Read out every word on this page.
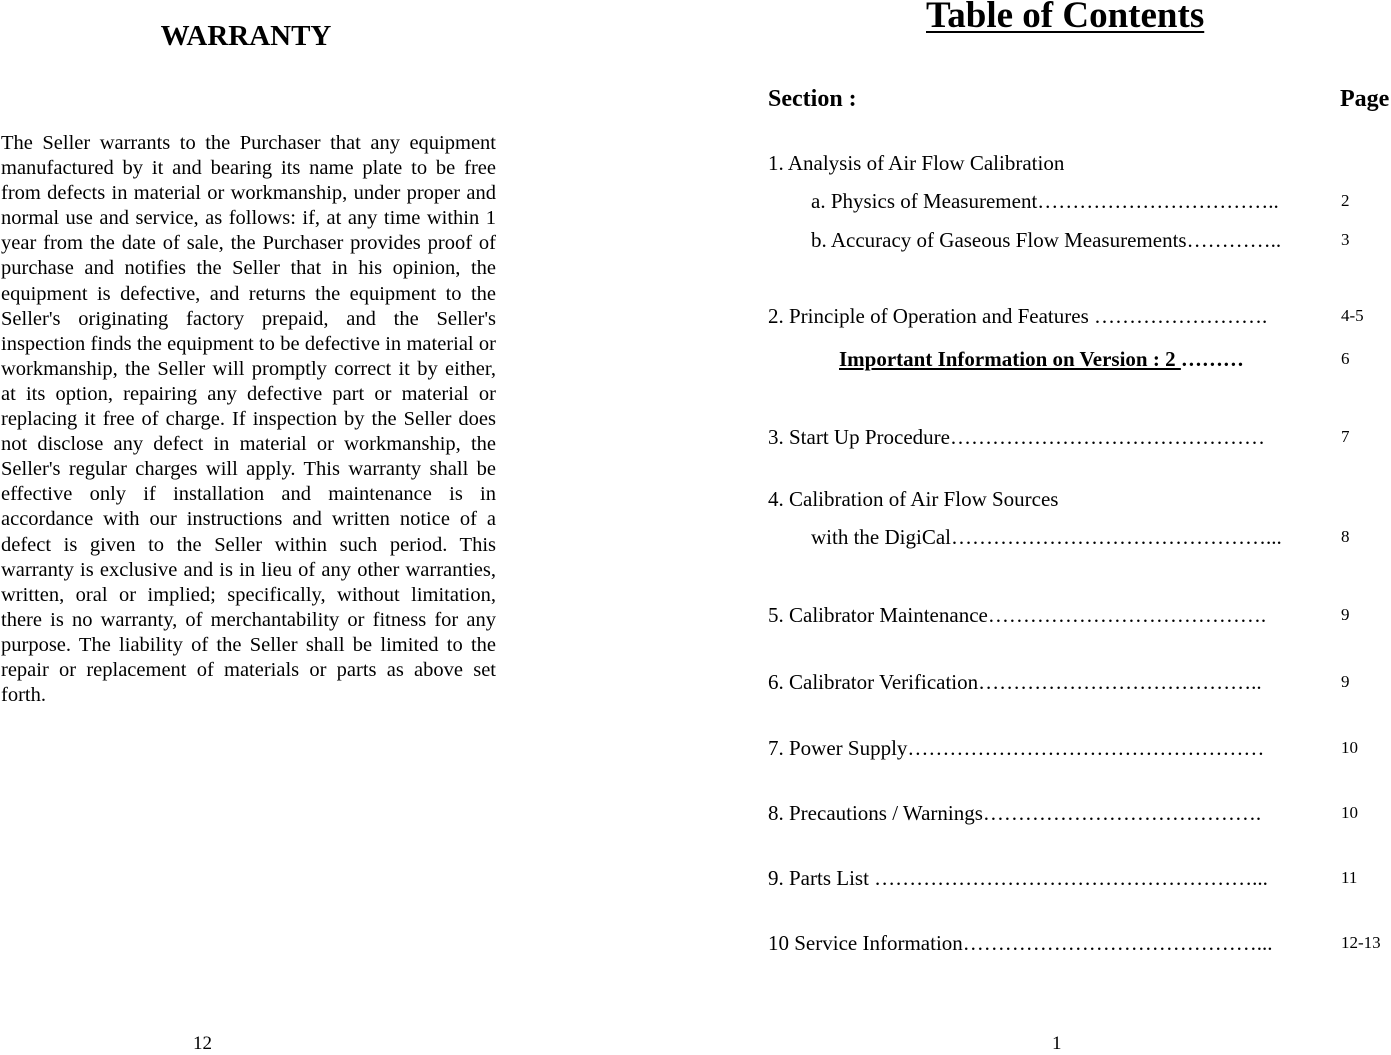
WARRANTY
The Seller warrants to the Purchaser that any equipment manufactured by it and bearing its name plate to be free from defects in material or workmanship, under proper and normal use and service, as follows: if, at any time within 1 year from the date of sale, the Purchaser provides proof of purchase and notifies the Seller that in his opinion, the equipment is defective, and returns the equipment to the Seller's originating factory prepaid, and the Seller's inspection finds the equipment to be defective in material or workmanship, the Seller will promptly correct it by either, at its option, repairing any defective part or material or replacing it free of charge. If inspection by the Seller does not disclose any defect in material or workmanship, the Seller's regular charges will apply. This warranty shall be effective only if installation and maintenance is in accordance with our instructions and written notice of a defect is given to the Seller within such period. This warranty is exclusive and is in lieu of any other warranties, written, oral or implied; specifically, without limitation, there is no warranty, of merchantability or fitness for any purpose. The liability of the Seller shall be limited to the repair or replacement of materials or parts as above set forth.
12
Table of Contents
Section :	Page
1. Analysis of Air Flow Calibration
a. Physics of Measurement……………………………..	2
b. Accuracy of Gaseous Flow Measurements…………..	3
2. Principle of Operation and Features …………………….	4-5
Important Information on Version : 2 ………	6
3. Start Up Procedure………………………………………	7
4. Calibration of Air Flow Sources
with the DigiCal………………………………………...	8
5. Calibrator Maintenance………………………………….	9
6. Calibrator Verification…………………………………..	9
7. Power Supply……………………………………………	10
8. Precautions / Warnings………………………………….	10
9. Parts List ………………………………………………...	11
10 Service Information……………………………………...	12-13
1
